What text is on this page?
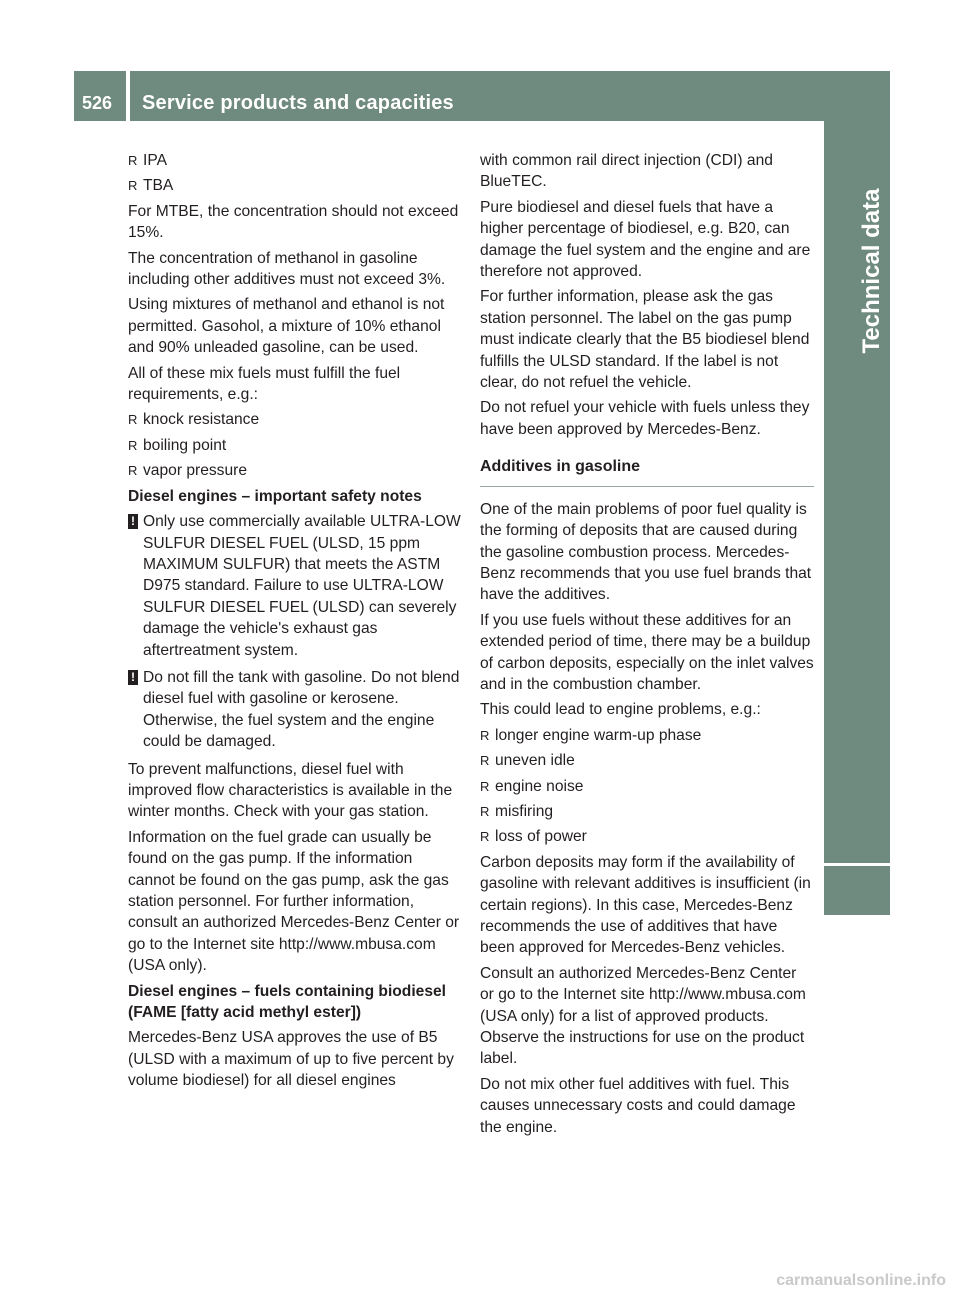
526	Service products and capacities
Technical data

R IPA

R TBA

For MTBE, the concentration should not exceed 15%.

The concentration of methanol in gasoline including other additives must not exceed 3%.

Using mixtures of methanol and ethanol is not permitted. Gasohol, a mixture of 10% ethanol and 90% unleaded gasoline, can be used.

All of these mix fuels must fulfill the fuel requirements, e.g.:

R knock resistance

R boiling point

R vapor pressure

Diesel engines – important safety notes

! Only use commercially available ULTRA-LOW SULFUR DIESEL FUEL (ULSD, 15 ppm MAXIMUM SULFUR) that meets the ASTM D975 standard. Failure to use ULTRA-LOW SULFUR DIESEL FUEL (ULSD) can severely damage the vehicle's exhaust gas aftertreatment system.
! Do not fill the tank with gasoline. Do not blend diesel fuel with gasoline or kerosene. Otherwise, the fuel system and the engine could be damaged.

To prevent malfunctions, diesel fuel with improved flow characteristics is available in the winter months. Check with your gas station.

Information on the fuel grade can usually be found on the gas pump. If the information cannot be found on the gas pump, ask the gas station personnel. For further information, consult an authorized Mercedes-Benz Center or go to the Internet site http://www.mbusa.com (USA only).

Diesel engines – fuels containing biodiesel (FAME [fatty acid methyl ester])

Mercedes-Benz USA approves the use of B5 (ULSD with a maximum of up to five percent by volume biodiesel) for all diesel engines

with common rail direct injection (CDI) and BlueTEC.

Pure biodiesel and diesel fuels that have a higher percentage of biodiesel, e.g. B20, can damage the fuel system and the engine and are therefore not approved.

For further information, please ask the gas station personnel. The label on the gas pump must indicate clearly that the B5 biodiesel blend fulfills the ULSD standard. If the label is not clear, do not refuel the vehicle.

Do not refuel your vehicle with fuels unless they have been approved by Mercedes-Benz.

Additives in gasoline

One of the main problems of poor fuel quality is the forming of deposits that are caused during the gasoline combustion process. Mercedes-Benz recommends that you use fuel brands that have the additives.

If you use fuels without these additives for an extended period of time, there may be a buildup of carbon deposits, especially on the inlet valves and in the combustion chamber.

This could lead to engine problems, e.g.:

R longer engine warm-up phase

R uneven idle

R engine noise

R misfiring

R loss of power

Carbon deposits may form if the availability of gasoline with relevant additives is insufficient (in certain regions). In this case, Mercedes-Benz recommends the use of additives that have been approved for Mercedes-Benz vehicles.

Consult an authorized Mercedes-Benz Center or go to the Internet site http://www.mbusa.com (USA only) for a list of approved products. Observe the instructions for use on the product label.

Do not mix other fuel additives with fuel. This causes unnecessary costs and could damage the engine.

carmanualsonline.info
